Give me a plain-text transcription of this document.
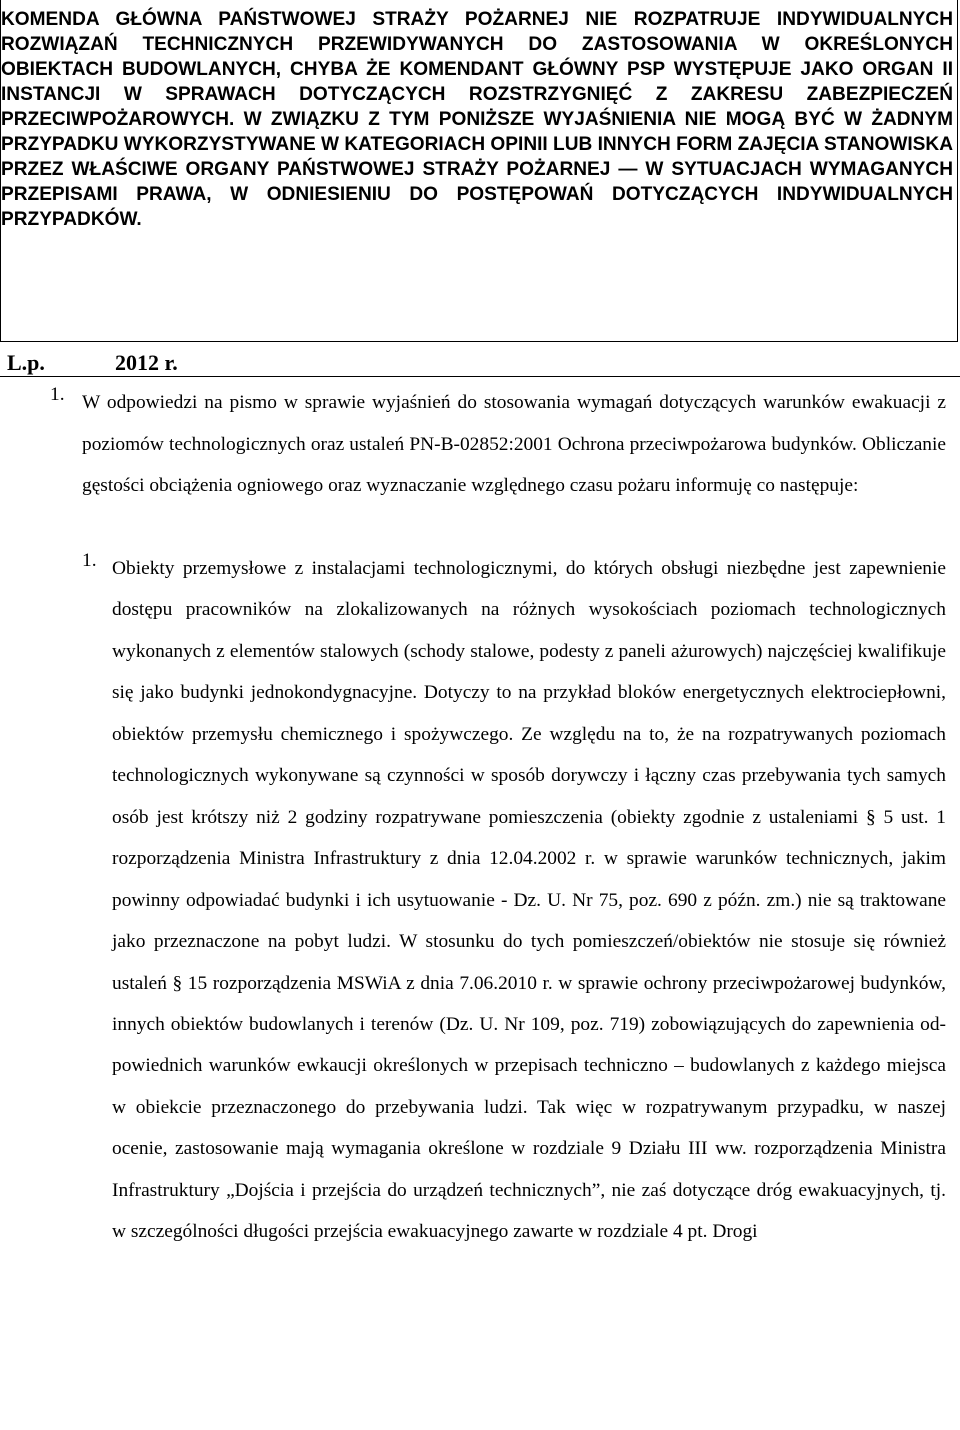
KOMENDA GŁÓWNA PAŃSTWOWEJ STRAŻY POŻARNEJ NIE ROZPATRUJE INDYWIDUALNYCH ROZWIĄZAŃ TECHNICZNYCH PRZEWIDYWANYCH DO ZASTOSOWANIA W OKREŚLONYCH OBIEKTACH BUDOWLANYCH, CHYBA ŻE KOMENDANT GŁÓWNY PSP WYSTĘPUJE JAKO ORGAN II INSTANCJI W SPRAWACH DOTYCZĄCYCH ROZSTRZYGNIĘĆ Z ZAKRESU ZABEZPIECZEŃ PRZECIWPOŻAROWYCH. W ZWIĄZKU Z TYM PONIŻSZE WYJAŚNIENIA NIE MOGĄ BYĆ W ŻADNYM PRZYPADKU WYKORZYSTYWANE W KATEGORIACH OPINII LUB INNYCH FORM ZAJĘCIA STANOWISKA PRZEZ WŁAŚCIWE ORGANY PAŃSTWOWEJ STRAŻY POŻARNEJ — W SYTUACJACH WYMAGANYCH PRZEPISAMI PRAWA, W ODNIESIENIU DO POSTĘPOWAŃ DOTYCZĄCYCH INDYWIDUALNYCH PRZYPADKÓW.

L.p.	2012 r.
1. W odpowiedzi na pismo w sprawie wyjaśnień do stosowania wymagań dotyczących warunków ewakuacji z poziomów technologicznych oraz ustaleń PN-B-02852:2001 Ochrona przeciwpożarowa budynków. Obliczanie gęstości obciążenia ogniowego oraz wyznaczanie względnego czasu pożaru informuję co następuje:

1. Obiekty przemysłowe z instalacjami technologicznymi, do których obsługi niezbędne jest zapewnienie dostępu pracowników na zlokalizowanych na różnych wysokościach poziomach technologicznych wykonanych z elementów stalowych (schody stalowe, podesty z paneli ażurowych) najczęściej kwalifikuje się jako budynki jednokondygnacyjne. Dotyczy to na przykład bloków energetycznych elektrociepłowni, obiektów przemysłu chemicznego i spożywczego. Ze względu na to, że na rozpatrywanych poziomach technologicznych wykonywane są czynności w sposób dorywczy i łączny czas przebywania tych samych osób jest krótszy niż 2 godziny rozpatrywane pomieszczenia (obiekty zgodnie z ustaleniami § 5 ust. 1 rozporządzenia Ministra Infrastruktury z dnia 12.04.2002 r. w sprawie warunków technicznych, jakim powinny odpowiadać budynki i ich usytuowanie - Dz. U. Nr 75, poz. 690 z późn. zm.) nie są traktowane jako przeznaczone na pobyt ludzi. W stosunku do tych pomieszczeń/obiektów nie stosuje się również ustaleń § 15 rozporządzenia MSWiA z dnia 7.06.2010 r. w sprawie ochrony przeciwpożarowej budynków, innych obiektów budowlanych i terenów (Dz. U. Nr 109, poz. 719) zobowiązujących do zapewnienia odpowiednich warunków ewkaucji określonych w przepisach techniczno – budowlanych z każdego miejsca w obiekcie przeznaczonego do przebywania ludzi. Tak więc w rozpatrywanym przypadku, w naszej ocenie, zastosowanie mają wymagania określone w rozdziale 9 Działu III ww. rozporządzenia Ministra Infrastruktury „Dojścia i przejścia do urządzeń technicznych”, nie zaś dotyczące dróg ewakuacyjnych, tj. w szczególności długości przejścia ewakuacyjnego zawarte w rozdziale 4 pt. Drogi
